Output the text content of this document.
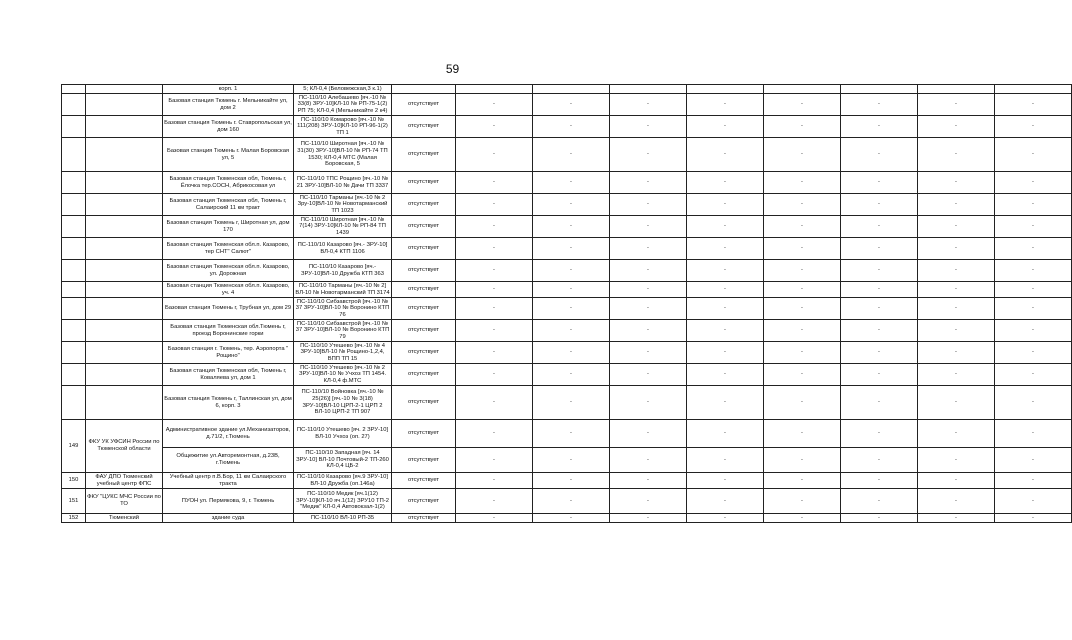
59
		корп. 1	5; КЛ-0,4 (Беловежская,3 к.1)									
		Базовая станция Тюмень г. Мельникайте ул, дом 2	ПС-110/10 Алебашево [яч.-10 № 33(8) ЗРУ-10]КЛ-10 № РП-75-1(2) РП 75; КЛ-0,4 (Мельникайте 2 к4)	отсутствует	-	-	-	-	-	-	-	-
		Базовая станция Тюмень г. Ставропольская ул, дом 160	ПС-110/10 Комарово [яч.-10 № 111(208) ЗРУ-10]КЛ-10 РП-96-1(2) ТП 1	отсутствует	-	-	-	-	-	-	-	-
		Базовая станция Тюмень г. Малая Боровская ул, 5	ПС-110/10 Широтная [яч.-10 № 31(30) ЗРУ-10]ВЛ-10 № РП-74 ТП 1530; КЛ-0,4 МТС (Малая Боровская, 5	отсутствует	-	-	-	-	-	-	-	-
		Базовая станция Тюменская обл, Тюмень г, Ёлочка тер.СОСН, Абрикосовая ул	ПС-110/10 ТПС Рощино [яч.-10 № 21 ЗРУ-10]ВЛ-10 № Дачи ТП 3337	отсутствует	-	-	-	-	-	-	-	-
		Базовая станция Тюменская обл, Тюмень г, Салаирский 11 км тракт	ПС-110/10 Тарманы [яч.-10 № 2 Зру-10]ВЛ-10 № Новотарманский ТП 1023	отсутствует	-	-	-	-	-	-	-	-
		Базовая станция Тюмень г, Широтная ул, дом 170	ПС-110/10 Широтная [яч.-10 № 7(14) ЗРУ-10]КЛ-10 № РП-84 ТП 1439	отсутствует	-	-	-	-	-	-	-	-
		Базовая станция Тюменская обл.п. Казарово, тер СНТ" Салют"	ПС-110/10 Казарово [яч.- ЗРУ-10] ВЛ-0,4 КТП 1106	отсутствует	-	-	-	-	-	-	-	-
		Базовая станция Тюменская обл.п. Казарово, ул. Дорожная	ПС-110/10 Казарово [яч.- ЗРУ-10]ВЛ-10 Дружба КТП 363	отсутствует	-	-	-	-	-	-	-	-
		Базовая станция Тюменская обл.п. Казарово, уч. 4	ПС-110/10 Тарманы [яч.-10 № 2] ВЛ-10 № Новотарманский ТП 3174	отсутствует	-	-	-	-	-	-	-	-
		Базовая станция Тюмень г, Трубная ул, дом 29	ПС-110/10 Сибзавстрой [яч.-10 № 37 ЗРУ-10]ВЛ-10 № Воронино КТП 76	отсутствует	-	-	-	-	-	-	-	-
		Базовая станция Тюменская обл.Тюмень г, проезд Воронинские горки	ПС-110/10 Сибзавстрой [яч.-10 № 37 ЗРУ-10]ВЛ-10 № Воронино КТП 79	отсутствует	-	-	-	-	-	-	-	-
		Базовая станция г. Тюмень, тер. Аэропорта " Рощино"	ПС-110/10 Утешево [яч.-10 № 4 ЗРУ-10]ВЛ-10 № Рощино-1,2,4, ВПП ТП 15	отсутствует	-	-	-	-	-	-	-	-
		Базовая станция Тюменская обл, Тюмень г, Коваляева ул, дом 1	ПС-110/10 Утешево [яч.-10 № 2 ЗРУ-10]ВЛ-10 № Учхоз ТП 1454. КЛ-0,4 ф.МТС	отсутствует	-	-	-	-	-	-	-	-
		Базовая станция Тюмень г, Таллинская ул, дом 6, корп. 3	ПС-110/10 Войновка [яч.-10 № 25(26)] [яч.-10 № 3(18) ЗРУ-10]ВЛ-10 ЦРП-2-1 ЦРП 2 ВЛ-10 ЦРП-2 ТП 907	отсутствует	-	-	-	-	-	-	-	-
149	ФКУ УК УФСИН России по Тюменской области	Административное здание ул.Механизаторов, д.71/2, г.Тюмень	ПС-110/10 Утешево [яч. 2 ЗРУ-10] ВЛ-10 Учхоз (оп. 27)	отсутствует	-	-	-	-	-	-	-	-
		Общежитие ул.Авторемонтная, д.23В, г.Тюмень	ПС-110/10 Западная [яч. 14 ЗРУ-10] ВЛ-10 Почтовый-2 ТП-260 КЛ-0,4 ЦБ-2	отсутствует	-	-	-	-	-	-	-	-
150	ФАУ ДПО Тюменский учебный центр ФПС	Учебный центр п.В.Бор, 11 км Салаирского тракта	ПС-110/10 Казарово [яч.9 ЗРУ-10] ВЛ-10 Дружба (оп.146а)	отсутствует	-	-	-	-	-	-	-	-
151	ФКУ "ЦУКС МЧС России по ТО	ПУОН ул. Пермякова, 9, г. Тюмень	ПС-110/10 Медик [яч.1(12) ЗРУ-10]КЛ-10 яч.1(12) ЗРУ10 ТП-2 "Медик" КЛ-0,4 Автовокзал-1(2)	отсутствует	-	-	-	-	-	-	-	-
152	Тюменский	здание суда	ПС-110/10 ВЛ-10 РП-35	отсутствует	-	-	-	-	-	-	-	-
